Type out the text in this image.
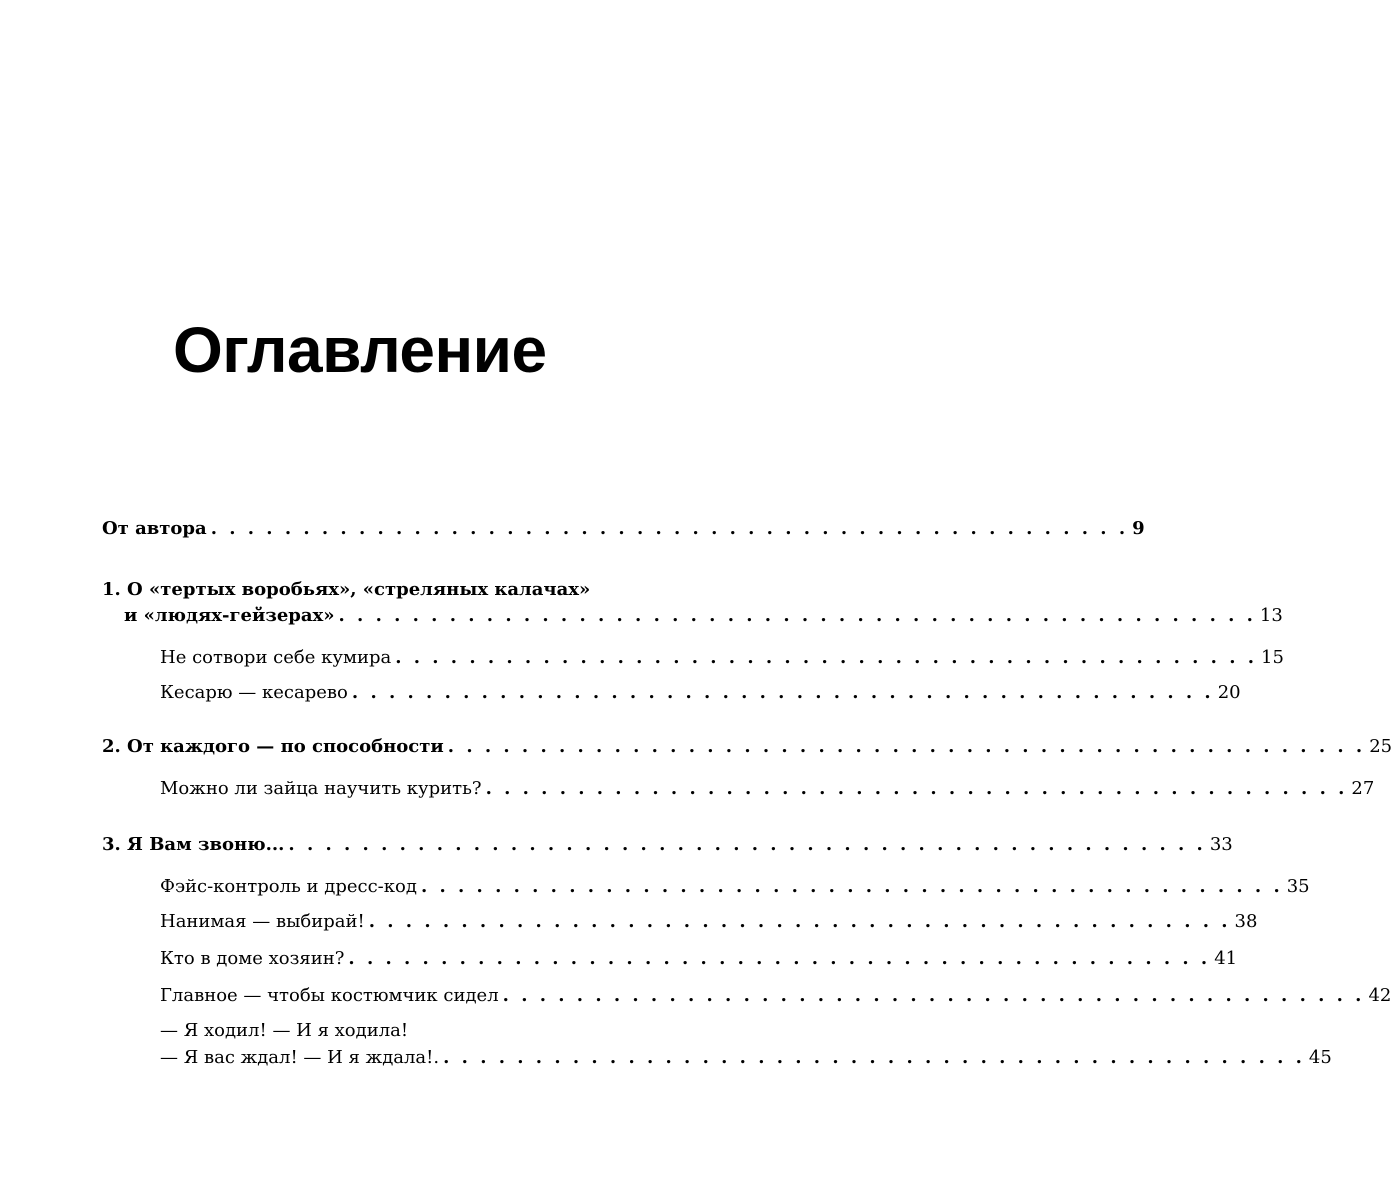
Оглавление
От автора . . . . . . . . . . . . . . . . . . . . . . . . . . . . . . . . . . . . . . . . . . . . . . . . . . 9
1. О «тертых воробьях», «стреляных калачах»
и «людях-гейзерах» . . . . . . . . . . . . . . . . . . . . . . . . . . . . . . . . . . . . . . . . . . . . . . . . . . 13
Не сотвори себе кумира . . . . . . . . . . . . . . . . . . . . . . . . . . . . . . . . . . . . . . . . . . . . . . . 15
Кесарю — кесарево . . . . . . . . . . . . . . . . . . . . . . . . . . . . . . . . . . . . . . . . . . . . . . . 20
2. От каждого — по способности . . . . . . . . . . . . . . . . . . . . . . . . . . . . . . . . . . . . . . . . . . . . . . . . . . 25
Можно ли зайца научить курить? . . . . . . . . . . . . . . . . . . . . . . . . . . . . . . . . . . . . . . . . . . . . . . . 27
3. Я Вам звоню... . . . . . . . . . . . . . . . . . . . . . . . . . . . . . . . . . . . . . . . . . . . . . . . . . . 33
Фэйс-контроль и дресс-код . . . . . . . . . . . . . . . . . . . . . . . . . . . . . . . . . . . . . . . . . . . . . . . 35
Нанимая — выбирай! . . . . . . . . . . . . . . . . . . . . . . . . . . . . . . . . . . . . . . . . . . . . . . . 38
Кто в доме хозяин? . . . . . . . . . . . . . . . . . . . . . . . . . . . . . . . . . . . . . . . . . . . . . . . 41
Главное — чтобы костюмчик сидел . . . . . . . . . . . . . . . . . . . . . . . . . . . . . . . . . . . . . . . . . . . . . . . 42
— Я ходил! — И я ходила!
— Я вас ждал! — И я ждала!. . . . . . . . . . . . . . . . . . . . . . . . . . . . . . . . . . . . . . . . . . . . . . . . 45
